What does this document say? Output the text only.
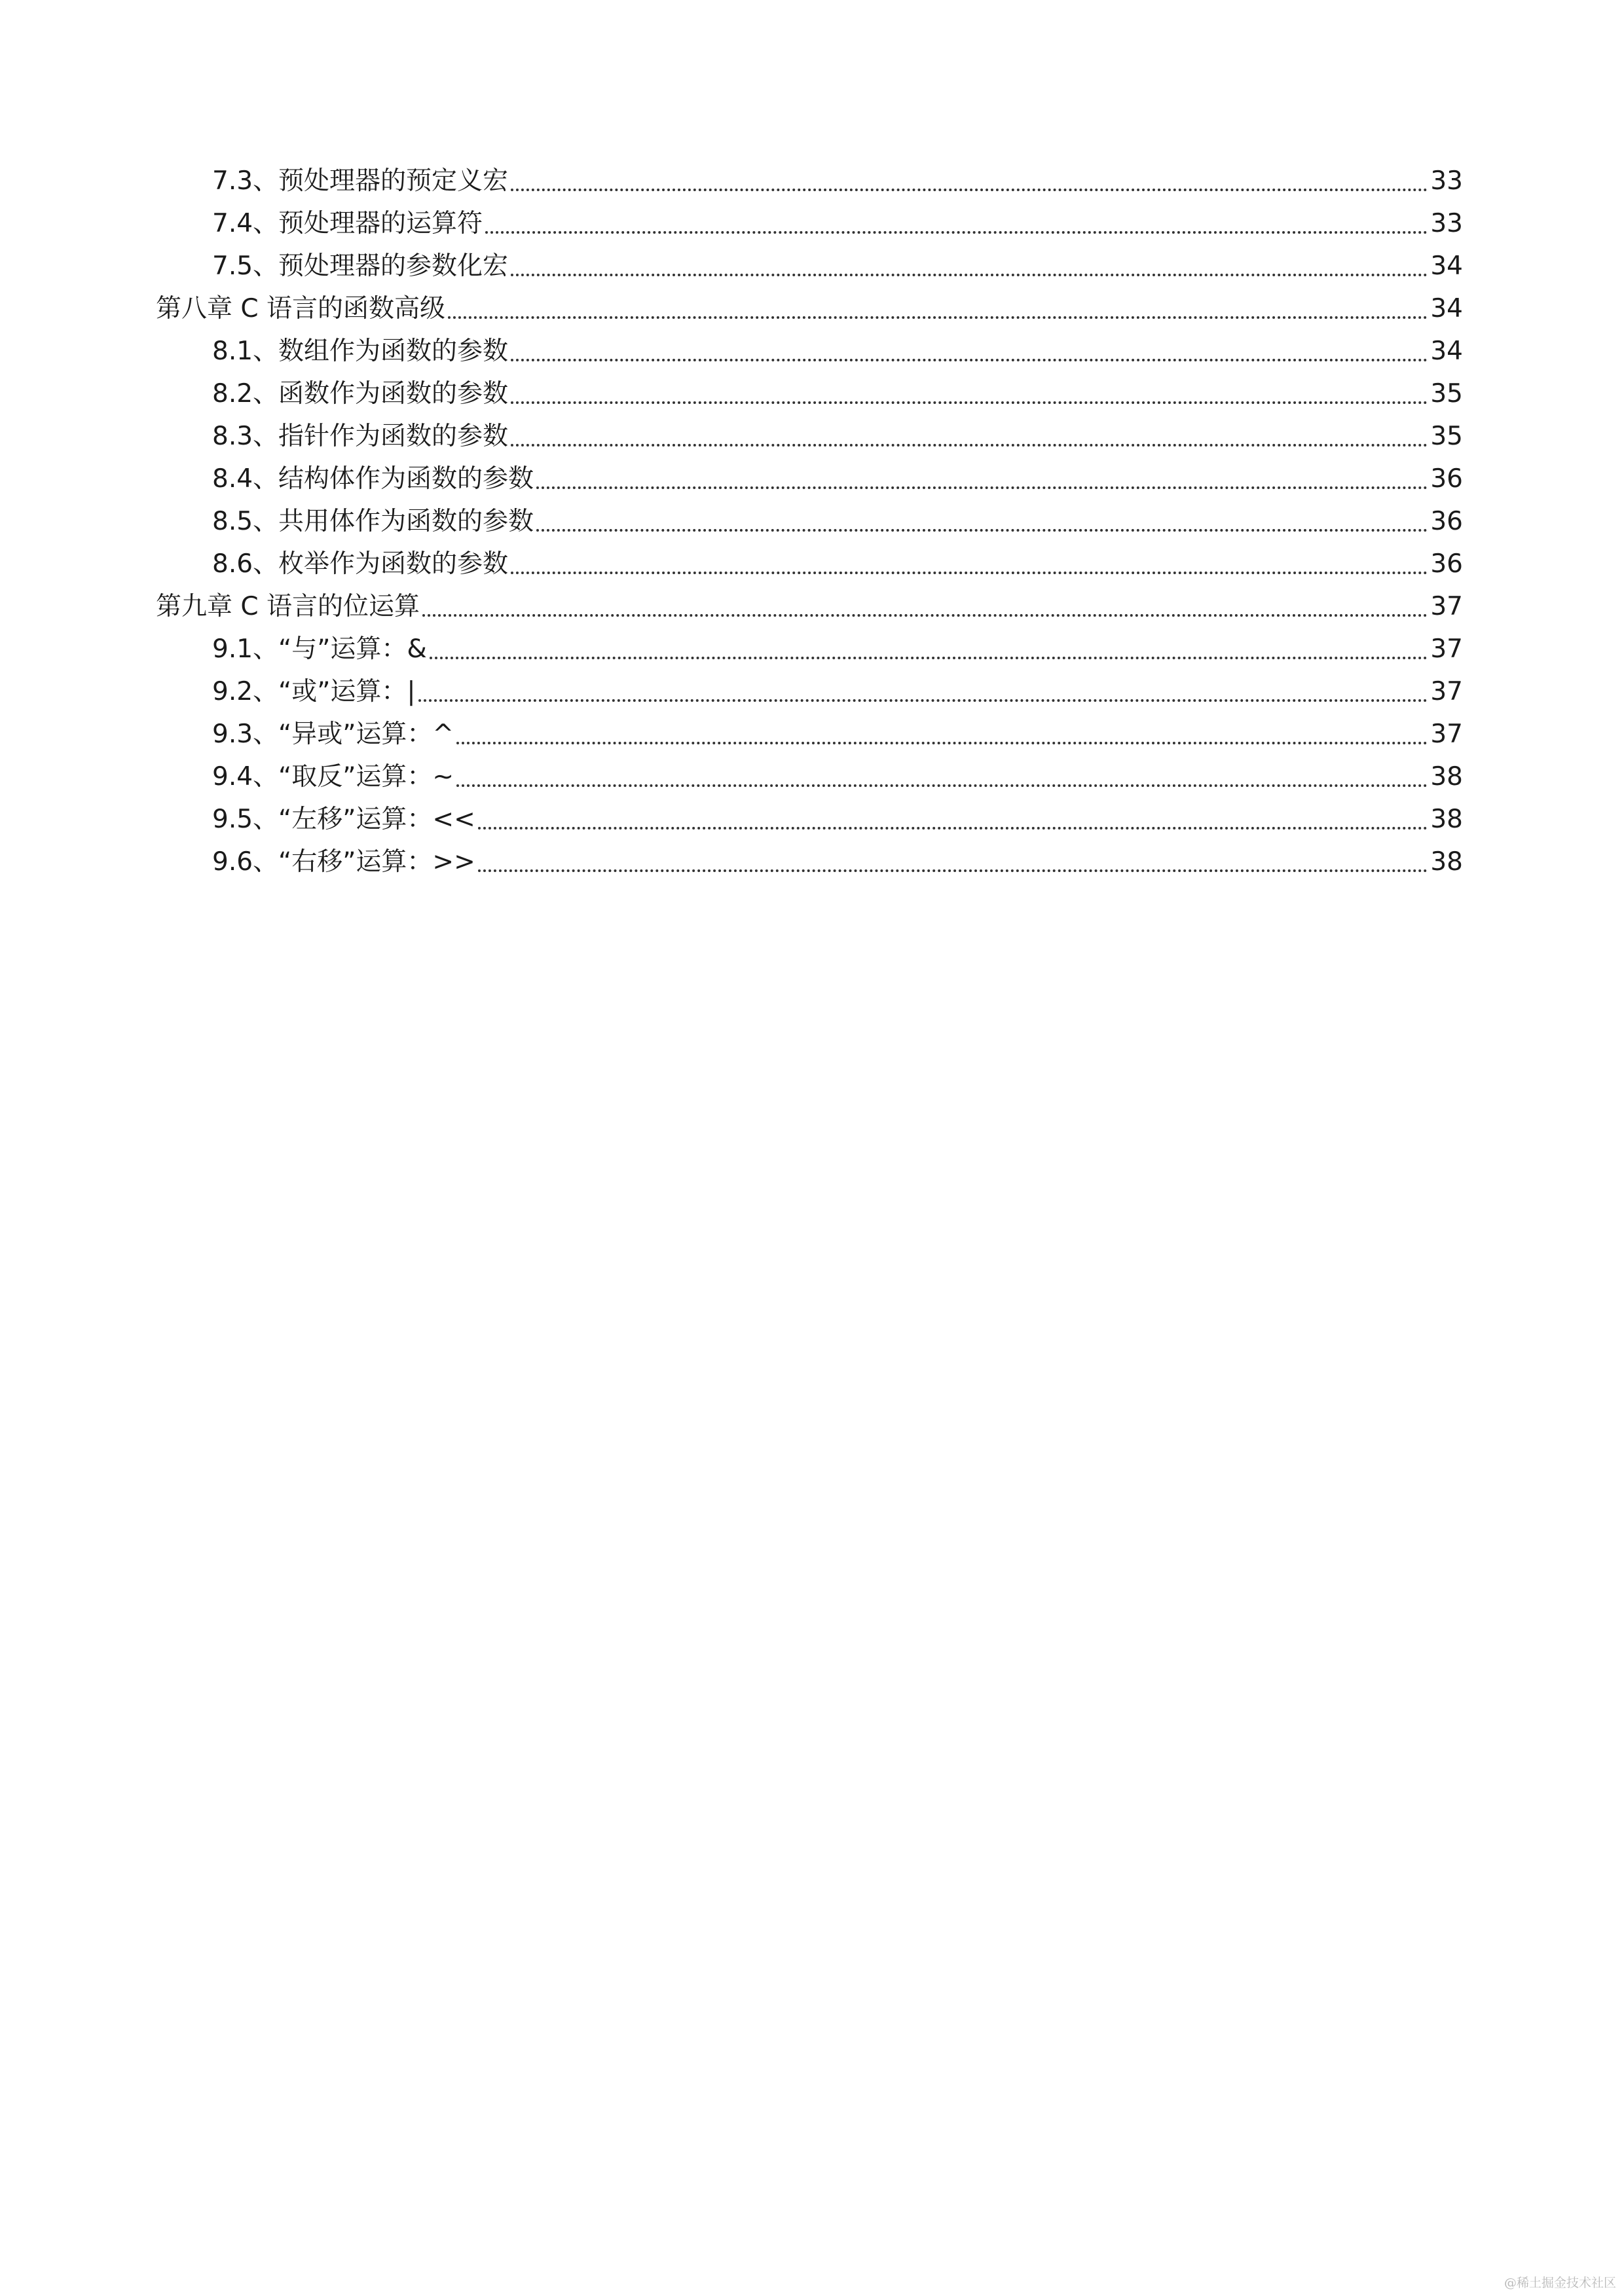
7.3、预处理器的预定义宏	33
7.4、预处理器的运算符	33
7.5、预处理器的参数化宏	34
第八章 C 语言的函数高级	34
8.1、数组作为函数的参数	34
8.2、函数作为函数的参数	35
8.3、指针作为函数的参数	35
8.4、结构体作为函数的参数	36
8.5、共用体作为函数的参数	36
8.6、枚举作为函数的参数	36
第九章 C 语言的位运算	37
9.1、“与”运算：&	37
9.2、“或”运算：|	37
9.3、“异或”运算：^	37
9.4、“取反”运算：~	38
9.5、“左移”运算：<<	38
9.6、“右移”运算：>>	38
@稀土掘金技术社区
